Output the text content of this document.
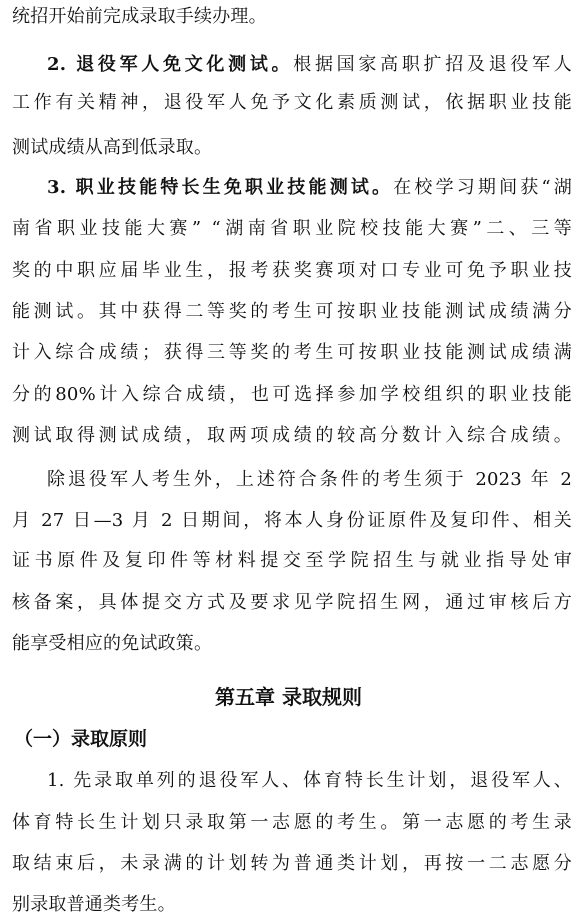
统招开始前完成录取手续办理。
2. 退役军人免文化测试。根据国家高职扩招及退役军人
工作有关精神，退役军人免予文化素质测试，依据职业技能
测试成绩从高到低录取。
3. 职业技能特长生免职业技能测试。在校学习期间获“湖
南省职业技能大赛” “湖南省职业院校技能大赛”二、三等
奖的中职应届毕业生，报考获奖赛项对口专业可免予职业技
能测试。其中获得二等奖的考生可按职业技能测试成绩满分
计入综合成绩；获得三等奖的考生可按职业技能测试成绩满
分的80%计入综合成绩，也可选择参加学校组织的职业技能
测试取得测试成绩，取两项成绩的较高分数计入综合成绩。
除退役军人考生外，上述符合条件的考生须于 2023 年 2
月 27 日—3 月 2 日期间，将本人身份证原件及复印件、相关
证书原件及复印件等材料提交至学院招生与就业指导处审
核备案，具体提交方式及要求见学院招生网，通过审核后方
能享受相应的免试政策。
第五章 录取规则
（一）录取原则
1. 先录取单列的退役军人、体育特长生计划，退役军人、
体育特长生计划只录取第一志愿的考生。第一志愿的考生录
取结束后，未录满的计划转为普通类计划，再按一二志愿分
别录取普通类考生。
